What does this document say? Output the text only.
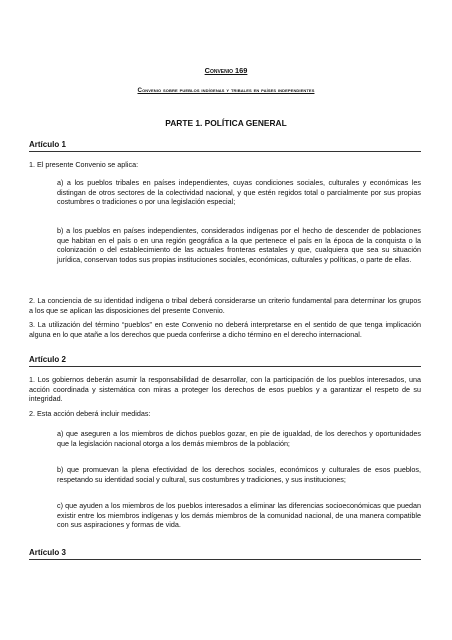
Convenio 169

Convenio sobre pueblos indígenas y tribales en países independientes

PARTE 1. POLÍTICA GENERAL
Artículo 1

1. El presente Convenio se aplica:

a) a los pueblos tribales en países independientes, cuyas condiciones sociales, culturales y económicas les distingan de otros sectores de la colectividad nacional, y que estén regidos total o parcialmente por sus propias costumbres o tradiciones o por una legislación especial;

b) a los pueblos en países independientes, considerados indígenas por el hecho de descender de poblaciones que habitan en el país o en una región geográfica a la que pertenece el país en la época de la conquista o la colonización o del establecimiento de las actuales fronteras estatales y que, cualquiera que sea su situación jurídica, conservan todos sus propias instituciones sociales, económicas, culturales y políticas, o parte de ellas.

2. La conciencia de su identidad indígena o tribal deberá considerarse un criterio fundamental para determinar los grupos a los que se aplican las disposiciones del presente Convenio.

3. La utilización del término “pueblos” en este Convenio no deberá interpretarse en el sentido de que tenga implicación alguna en lo que atañe a los derechos que pueda conferirse a dicho término en el derecho internacional.

Artículo 2

1. Los gobiernos deberán asumir la responsabilidad de desarrollar, con la participación de los pueblos interesados, una acción coordinada y sistemática con miras a proteger los derechos de esos pueblos y a garantizar el respeto de su integridad.

2. Esta acción deberá incluir medidas:

a) que aseguren a los miembros de dichos pueblos gozar, en pie de igualdad, de los derechos y oportunidades que la legislación nacional otorga a los demás miembros de la población;

b) que promuevan la plena efectividad de los derechos sociales, económicos y culturales de esos pueblos, respetando su identidad social y cultural, sus costumbres y tradiciones, y sus instituciones;

c) que ayuden a los miembros de los pueblos interesados a eliminar las diferencias socioeconómicas que puedan existir entre los miembros indígenas y los demás miembros de la comunidad nacional, de una manera compatible con sus aspiraciones y formas de vida.

Artículo 3
